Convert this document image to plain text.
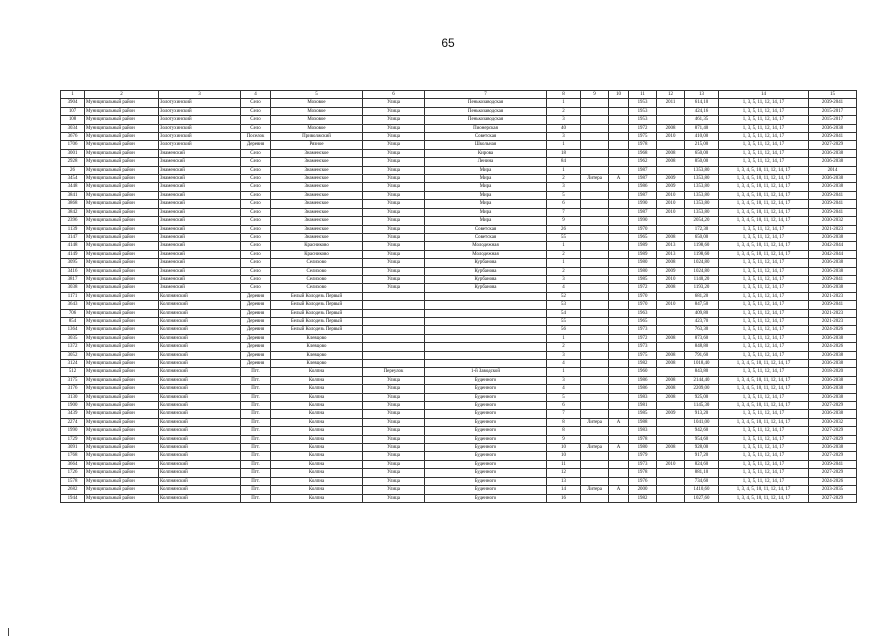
65
1	2	3	4	5	6	7	8	9	10	11	12	13	14	15
3904	Муниципальный район	Золотухинский	Село	Моховое	Улица	Пенькозаводская	1			1953	2011	614,10	1, 3, 5, 11, 12, 14, 17	2039-2041
107	Муниципальный район	Золотухинский	Село	Моховое	Улица	Пенькозаводская	2			1953		424,16	1, 3, 5, 11, 12, 14, 17	2015-2017
108	Муниципальный район	Золотухинский	Село	Моховое	Улица	Пенькозаводская	3			1953		461,35	1, 3, 5, 11, 12, 14, 17	2015-2017
3034	Муниципальный район	Золотухинский	Село	Моховое	Улица	Пионерская	40			1972	2008	871,40	1, 3, 5, 11, 12, 14, 17	2036-2038
3676	Муниципальный район	Золотухинский	Поселок	Приволжский	Улица	Советская	3			1975	2010	410,00	1, 3, 5, 11, 12, 14, 17	2039-2041
1706	Муниципальный район	Золотухинский	Деревня	Рязное	Улица	Школьная	1			1978		215,00	1, 3, 5, 11, 12, 14, 17	2027-2029
3001	Муниципальный район	Знаменский	Село	Знаменское	Улица	Кирова	18			1968	2008	650,00	1, 3, 5, 11, 12, 14, 17	2036-2038
2928	Муниципальный район	Знаменский	Село	Знаменское	Улица	Ленина	84			1962	2008	850,00	1, 3, 5, 11, 12, 14, 17	2036-2038
26	Муниципальный район	Знаменский	Село	Знаменское	Улица	Мира	1			1987		1353,80	1, 3, 4, 5, 10, 11, 12, 14, 17	2014
3454	Муниципальный район	Знаменский	Село	Знаменское	Улица	Мира	2	Литера	А	1987	2009	1353,80	1, 3, 4, 5, 10, 11, 12, 14, 17	2036-2038
3448	Муниципальный район	Знаменский	Село	Знаменское	Улица	Мира	3			1986	2009	1353,80	1, 3, 4, 5, 10, 11, 12, 14, 17	2036-2038
3841	Муниципальный район	Знаменский	Село	Знаменское	Улица	Мира	5			1987	2010	1353,80	1, 3, 4, 5, 10, 11, 12, 14, 17	2039-2041
3868	Муниципальный район	Знаменский	Село	Знаменское	Улица	Мира	6			1990	2010	1353,80	1, 3, 4, 5, 10, 11, 12, 14, 17	2039-2041
3842	Муниципальный район	Знаменский	Село	Знаменское	Улица	Мира	7			1987	2010	1353,80	1, 3, 4, 5, 10, 11, 12, 14, 17	2039-2041
2396	Муниципальный район	Знаменский	Село	Знаменское	Улица	Мира	9			1990		2054,20	1, 3, 4, 5, 10, 11, 12, 14, 17	2030-2032
1139	Муниципальный район	Знаменский	Село	Знаменское	Улица	Советская	26			1970		172,30	1, 3, 5, 11, 12, 14, 17	2021-2023
3147	Муниципальный район	Знаменский	Село	Знаменское	Улица	Советская	55			1965	2008	650,00	1, 3, 5, 11, 12, 14, 17	2036-2038
4148	Муниципальный район	Знаменский	Село	Красниково	Улица	Молодежная	1			1989	2013	1198,60	1, 3, 4, 5, 10, 11, 12, 14, 17	2042-2044
4149	Муниципальный район	Знаменский	Село	Красниково	Улица	Молодежная	2			1989	2013	1198,60	1, 3, 4, 5, 10, 11, 12, 14, 17	2042-2044
3095	Муниципальный район	Знаменский	Село	Селихово	Улица	Курбанова	1			1980	2008	1024,80	1, 3, 5, 11, 12, 14, 17	2036-2038
3416	Муниципальный район	Знаменский	Село	Селихово	Улица	Курбанова	2			1980	2009	1024,80	1, 3, 5, 11, 12, 14, 17	2036-2038
3817	Муниципальный район	Знаменский	Село	Селихово	Улица	Курбанова	3			1985	2010	1140,20	1, 3, 5, 11, 12, 14, 17	2039-2041
3038	Муниципальный район	Знаменский	Село	Селихово	Улица	Курбанова	4			1972	2008	1193,20	1, 3, 5, 11, 12, 14, 17	2036-2038
1171	Муниципальный район	Колпнянский	Деревня	Белый Колодезь Первый			52			1970		681,20	1, 3, 5, 11, 12, 14, 17	2021-2023
3643	Муниципальный район	Колпнянский	Деревня	Белый Колодезь Первый			53			1970	2010	847,50	1, 3, 5, 11, 12, 14, 17	2039-2041
706	Муниципальный район	Колпнянский	Деревня	Белый Колодезь Первый			54			1963		409,80	1, 3, 5, 11, 12, 14, 17	2021-2023
854	Муниципальный район	Колпнянский	Деревня	Белый Колодезь Первый			55			1965		423,70	1, 3, 5, 11, 12, 14, 17	2021-2023
1364	Муниципальный район	Колпнянский	Деревня	Белый Колодезь Первый			56			1973		763,30	1, 3, 5, 11, 12, 14, 17	2024-2026
3035	Муниципальный район	Колпнянский	Деревня	Клевцово			1			1972	2008	873,60	1, 3, 5, 11, 12, 14, 17	2036-2038
1372	Муниципальный район	Колпнянский	Деревня	Клевцово			2			1973		848,80	1, 3, 5, 11, 12, 14, 17	2024-2026
3052	Муниципальный район	Колпнянский	Деревня	Клевцово			3			1975	2008	791,60	1, 3, 5, 11, 12, 14, 17	2036-2038
3124	Муниципальный район	Колпнянский	Деревня	Клевцово			4			1982	2008	1018,40	1, 3, 4, 5, 10, 11, 12, 14, 17	2036-2038
512	Муниципальный район	Колпнянский	Пгт.	Колпна	Переулок	1-й Заводской	1			1960		843,80	1, 3, 5, 11, 12, 14, 17	2018-2020
3175	Муниципальный район	Колпнянский	Пгт.	Колпна	Улица	Буденного	3			1986	2008	2144,40	1, 3, 4, 5, 10, 11, 12, 14, 17	2036-2038
3176	Муниципальный район	Колпнянский	Пгт.	Колпна	Улица	Буденного	4			1986	2008	2209,00	1, 3, 4, 5, 10, 11, 12, 14, 17	2036-2038
3130	Муниципальный район	Колпнянский	Пгт.	Колпна	Улица	Буденного	5			1983	2008	925,00	1, 3, 5, 11, 12, 14, 17	2036-2038
1900	Муниципальный район	Колпнянский	Пгт.	Колпна	Улица	Буденного	6			1981		1145,30	1, 3, 4, 5, 10, 11, 12, 14, 17	2027-2029
3439	Муниципальный район	Колпнянский	Пгт.	Колпна	Улица	Буденного	7			1985	2009	913,20	1, 3, 5, 11, 12, 14, 17	2036-2038
2274	Муниципальный район	Колпнянский	Пгт.	Колпна	Улица	Буденного	8	Литера	А	1988		1041,00	1, 3, 4, 5, 10, 11, 12, 14, 17	2030-2032
1990	Муниципальный район	Колпнянский	Пгт.	Колпна	Улица	Буденного	8			1983		942,60	1, 3, 5, 11, 12, 14, 17	2027-2029
1729	Муниципальный район	Колпнянский	Пгт.	Колпна	Улица	Буденного	9			1978		954,60	1, 3, 5, 11, 12, 14, 17	2027-2029
3091	Муниципальный район	Колпнянский	Пгт.	Колпна	Улица	Буденного	10	Литера	А	1980	2008	928,00	1, 3, 5, 11, 12, 14, 17	2036-2038
1768	Муниципальный район	Колпнянский	Пгт.	Колпна	Улица	Буденного	10			1979		917,20	1, 3, 5, 11, 12, 14, 17	2027-2029
3664	Муниципальный район	Колпнянский	Пгт.	Колпна	Улица	Буденного	11			1973	2010	824,60	1, 3, 5, 11, 12, 14, 17	2039-2041
1726	Муниципальный район	Колпнянский	Пгт.	Колпна	Улица	Буденного	12			1978		881,10	1, 3, 5, 11, 12, 14, 17	2027-2029
1578	Муниципальный район	Колпнянский	Пгт.	Колпна	Улица	Буденного	13			1976		734,60	1, 3, 5, 11, 12, 14, 17	2024-2026
2682	Муниципальный район	Колпнянский	Пгт.	Колпна	Улица	Буденного	14	Литера	А	2000		1410,60	1, 3, 4, 5, 10, 11, 12, 14, 17	2033-2035
1944	Муниципальный район	Колпнянский	Пгт.	Колпна	Улица	Буденного	16			1982		1027,60	1, 3, 4, 5, 10, 11, 12, 14, 17	2027-2029
